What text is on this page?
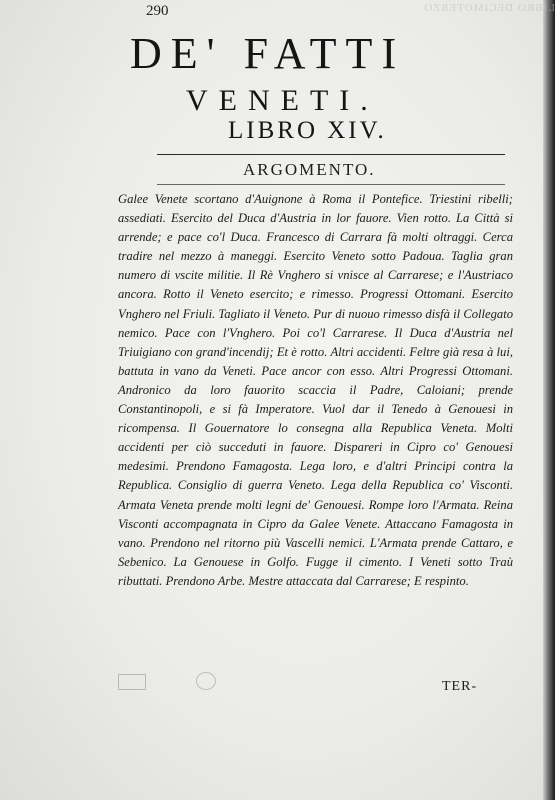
LIBRO DECIMOTERZO
290
DE' FATTI
VENETI.
LIBRO XIV.
ARGOMENTO.

Galee Venete scortano d'Auignone à Roma il Pontefice. Triestini ribelli; assediati. Esercito del Duca d'Austria in lor fauore. Vien rotto. La Città si arrende; e pace co'l Duca. Francesco di Carrara fà molti oltraggi. Cerca tradire nel mezzo à maneggi. Esercito Veneto sotto Padoua. Taglia gran numero di vscite militie. Il Rè Vnghero si vnisce al Carrarese; e l'Austriaco ancora. Rotto il Veneto esercito; e rimesso. Progressi Ottomani. Esercito Vnghero nel Friuli. Tagliato il Veneto. Pur di nuouo rimesso disfà il Collegato nemico. Pace con l'Vnghero. Poi co'l Carrarese. Il Duca d'Austria nel Triuigiano con grand'incendij; Et è rotto. Altri accidenti. Feltre già resa à lui, battuta in vano da Veneti. Pace ancor con esso. Altri Progressi Ottomani. Andronico da loro fauorito scaccia il Padre, Caloiani; prende Constantinopoli, e si fà Imperatore. Vuol dar il Tenedo à Genouesi in ricompensa. Il Gouernatore lo consegna alla Republica Veneta. Molti accidenti per ciò succeduti in fauore. Dispareri in Cipro co' Genouesi medesimi. Prendono Famagosta. Lega loro, e d'altri Principi contra la Republica. Consiglio di guerra Veneto. Lega della Republica co' Visconti. Armata Veneta prende molti legni de' Genouesi. Rompe loro l'Armata. Reina Visconti accompagnata in Cipro da Galee Venete. Attaccano Famagosta in vano. Prendono nel ritorno più Vascelli nemici. L'Armata prende Cattaro, e Sebenico. La Genouese in Golfo. Fugge il cimento. I Veneti sotto Traù ributtati. Prendono Arbe. Mestre attaccata dal Carrarese; E respinto.

TER-
